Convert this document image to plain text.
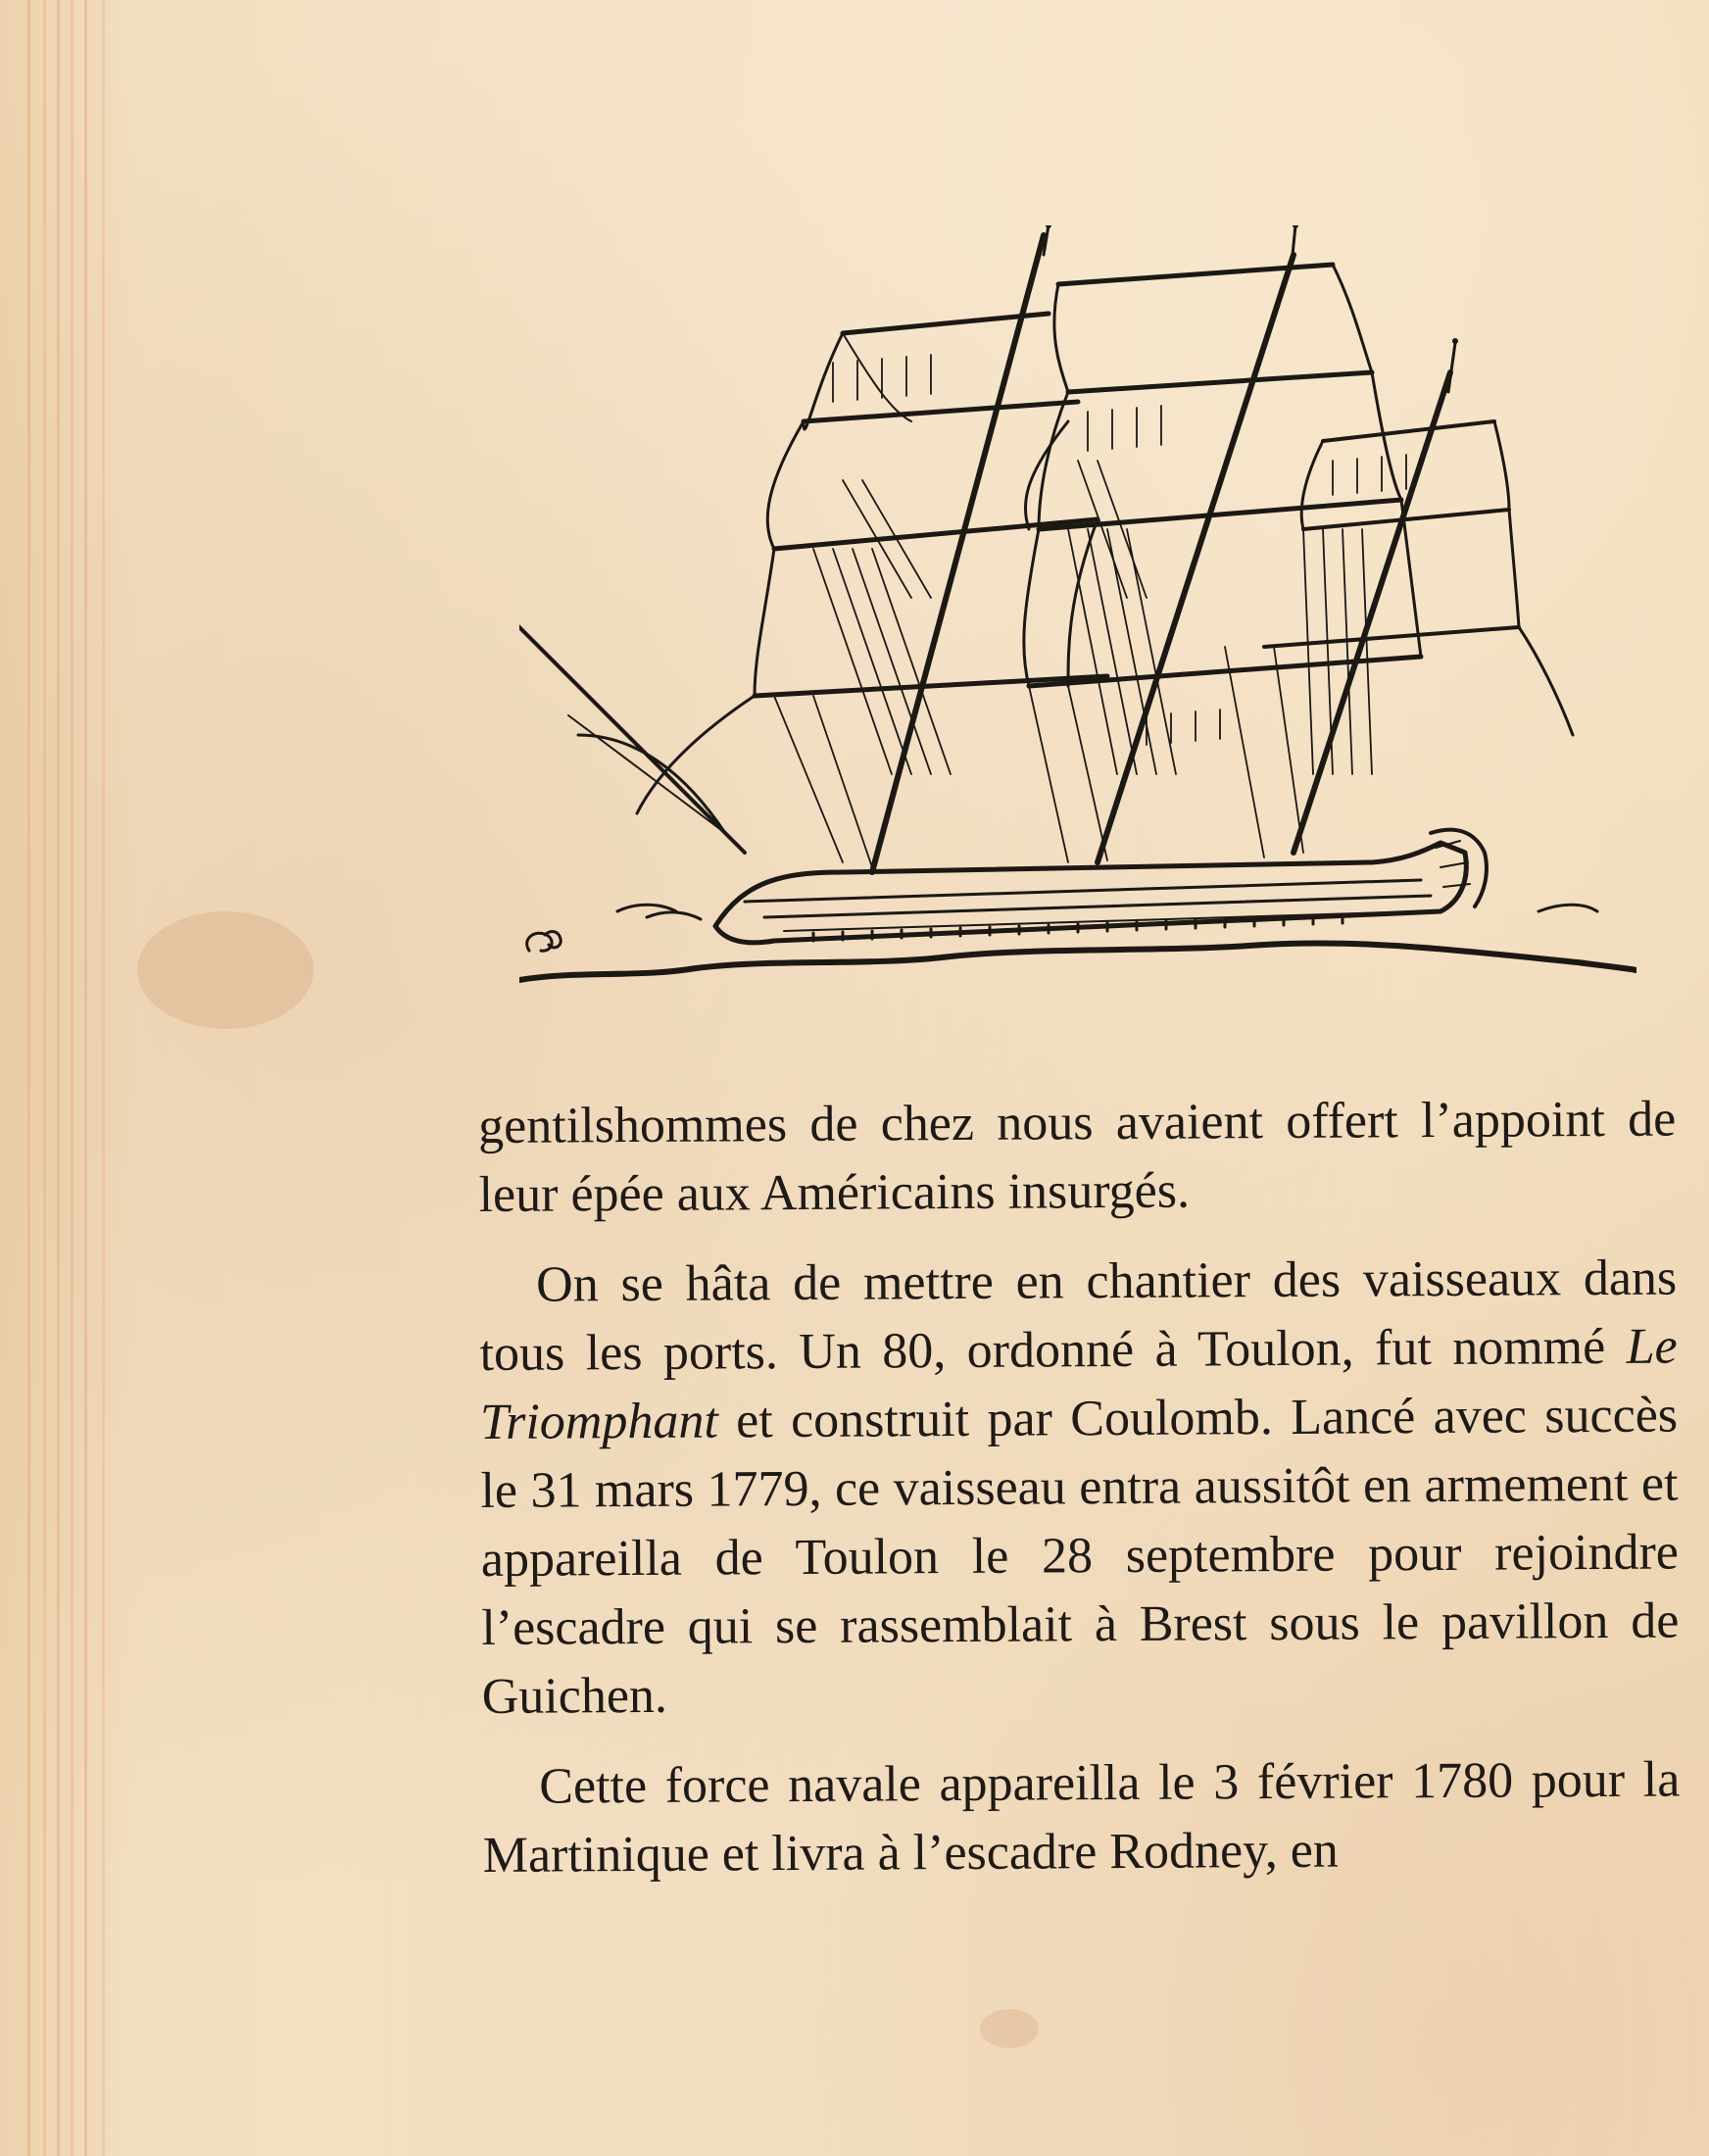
gentilshommes de chez nous avaient offert l’appoint de leur épée aux Américains insurgés.

On se hâta de mettre en chantier des vaisseaux dans tous les ports. Un 80, ordonné à Toulon, fut nommé Le Triomphant et construit par Coulomb. Lancé avec succès le 31 mars 1779, ce vaisseau entra aussitôt en armement et appareilla de Toulon le 28 septembre pour rejoindre l’escadre qui se rassemblait à Brest sous le pavillon de Guichen.

Cette force navale appareilla le 3 février 1780 pour la Martinique et livra à l’escadre Rodney, en
